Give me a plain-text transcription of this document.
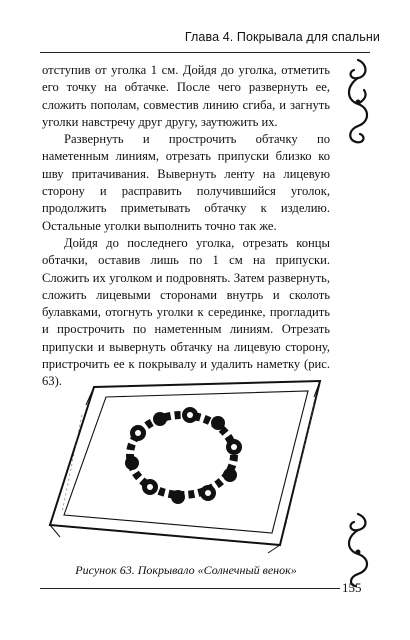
Глава 4. Покрывала для спальни

отступив от уголка 1 см. Дойдя до уголка, отметить его точку на обтачке. После чего развернуть ее, сложить пополам, совместив линию сгиба, и загнуть уголки навстречу друг другу, заутюжить их.

Развернуть и прострочить обтачку по наметенным линиям, отрезать припуски близко ко шву притачивания. Вывернуть ленту на лицевую сторону и расправить получившийся уголок, продолжить приметывать обтачку к изделию. Остальные уголки выполнить точно так же.

Дойдя до последнего уголка, отрезать концы обтачки, оставив лишь по 1 см на припуски. Сложить их уголком и подровнять. Затем развернуть, сложить лицевыми сторонами внутрь и сколоть булавками, отогнуть уголки к серединке, прогладить и прострочить по наметенным линиям. Отрезать припуски и вывернуть обтачку на лицевую сторону, пристрочить ее к покрывалу и удалить наметку (рис. 63).

Рисунок 63. Покрывало «Солнечный венок»
155
